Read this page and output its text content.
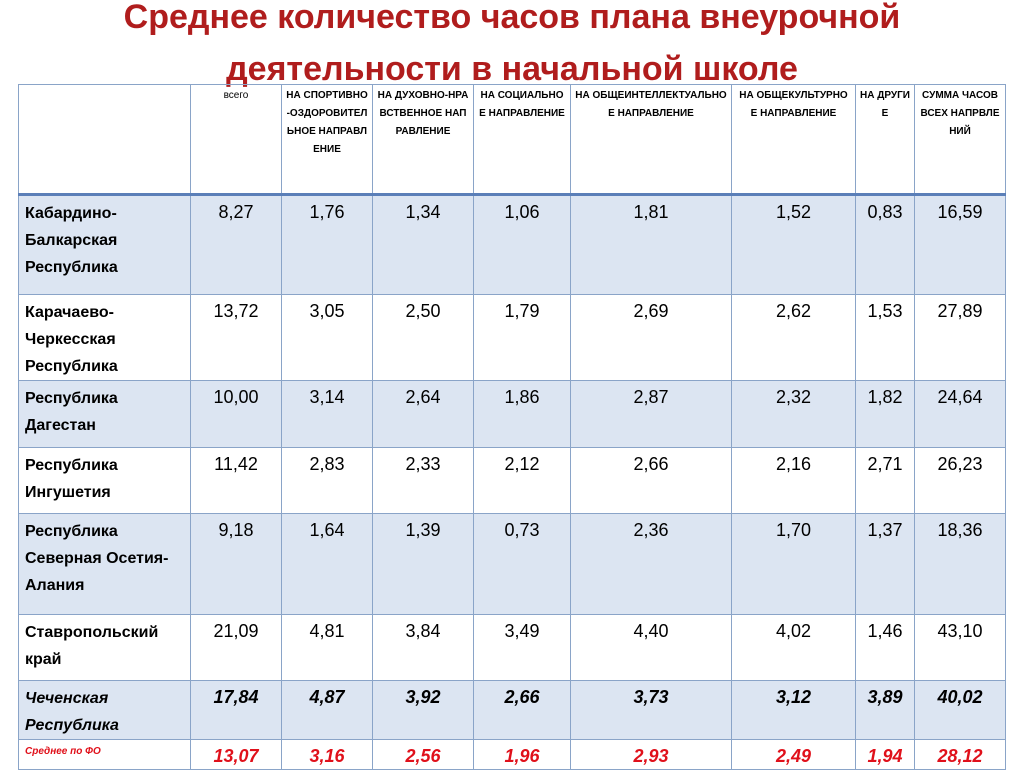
Среднее количество часов плана внеурочной
деятельности в начальной школе
	всего	НА СПОРТИВНО-ОЗДОРОВИТЕЛЬНОЕ НАПРАВЛЕНИЕ	НА ДУХОВНО-НРАВСТВЕННОЕ НАПРАВЛЕНИЕ	НА СОЦИАЛЬНОЕ НАПРАВЛЕНИЕ	НА ОБЩЕИНТЕЛЛЕКТУАЛЬНОЕ НАПРАВЛЕНИЕ	НА ОБЩЕКУЛЬТУРНОЕ НАПРАВЛЕНИЕ	НА ДРУГИЕ	СУММА ЧАСОВ ВСЕХ НАПРВЛЕНИЙ
Кабардино-Балкарская Республика	8,27	1,76	1,34	1,06	1,81	1,52	0,83	16,59
Карачаево-Черкесская Республика	13,72	3,05	2,50	1,79	2,69	2,62	1,53	27,89
Республика Дагестан	10,00	3,14	2,64	1,86	2,87	2,32	1,82	24,64
Республика Ингушетия	11,42	2,83	2,33	2,12	2,66	2,16	2,71	26,23
Республика Северная Осетия-Алания	9,18	1,64	1,39	0,73	2,36	1,70	1,37	18,36
Ставропольский край	21,09	4,81	3,84	3,49	4,40	4,02	1,46	43,10
Чеченская Республика	17,84	4,87	3,92	2,66	3,73	3,12	3,89	40,02
Среднее по ФО	13,07	3,16	2,56	1,96	2,93	2,49	1,94	28,12
